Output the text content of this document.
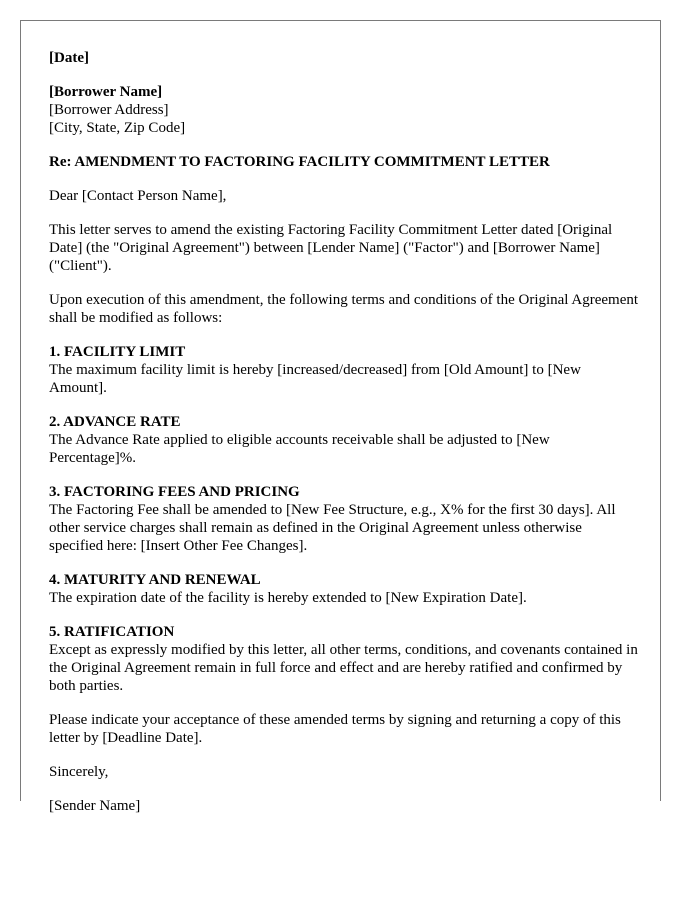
[Date]
[Borrower Name]
[Borrower Address]
[City, State, Zip Code]
Re: AMENDMENT TO FACTORING FACILITY COMMITMENT LETTER

Dear [Contact Person Name],

This letter serves to amend the existing Factoring Facility Commitment Letter dated [Original Date] (the "Original Agreement") between [Lender Name] ("Factor") and [Borrower Name] ("Client").

Upon execution of this amendment, the following terms and conditions of the Original Agreement shall be modified as follows:

1. FACILITY LIMIT
The maximum facility limit is hereby [increased/decreased] from [Old Amount] to [New Amount].
2. ADVANCE RATE
The Advance Rate applied to eligible accounts receivable shall be adjusted to [New Percentage]%.
3. FACTORING FEES AND PRICING
The Factoring Fee shall be amended to [New Fee Structure, e.g., X% for the first 30 days]. All other service charges shall remain as defined in the Original Agreement unless otherwise specified here: [Insert Other Fee Changes].
4. MATURITY AND RENEWAL
The expiration date of the facility is hereby extended to [New Expiration Date].
5. RATIFICATION
Except as expressly modified by this letter, all other terms, conditions, and covenants contained in the Original Agreement remain in full force and effect and are hereby ratified and confirmed by both parties.

Please indicate your acceptance of these amended terms by signing and returning a copy of this letter by [Deadline Date].

Sincerely,

[Sender Name]
